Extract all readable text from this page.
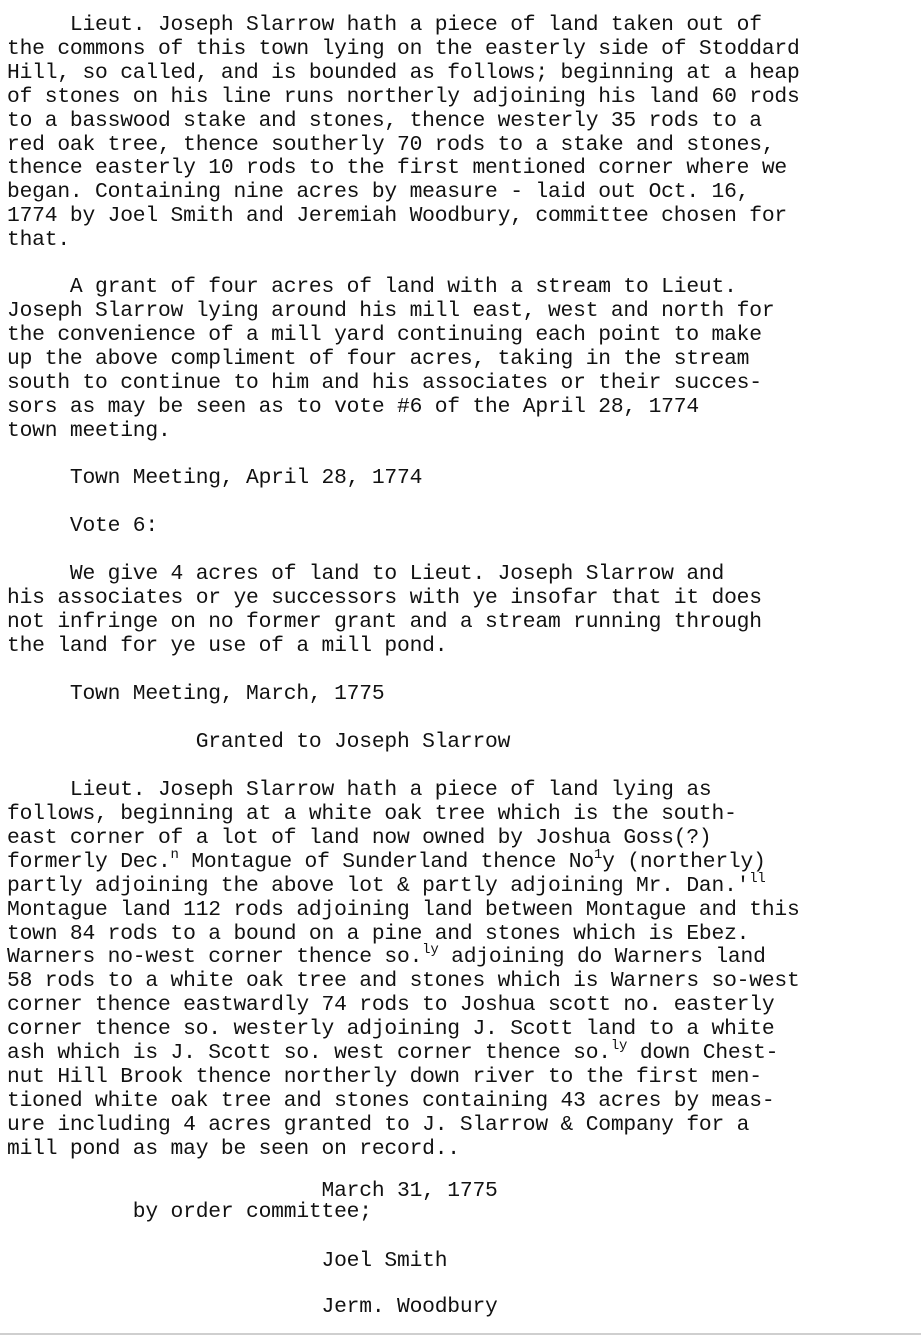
Lieut. Joseph Slarrow hath a piece of land taken out of
the commons of this town lying on the easterly side of Stoddard
Hill, so called, and is bounded as follows; beginning at a heap
of stones on his line runs northerly adjoining his land 60 rods
to a basswood stake and stones, thence westerly 35 rods to a
red oak tree, thence southerly 70 rods to a stake and stones,
thence easterly 10 rods to the first mentioned corner where we
began. Containing nine acres by measure - laid out Oct. 16,
1774 by Joel Smith and Jeremiah Woodbury, committee chosen for
that.
A grant of four acres of land with a stream to Lieut.
Joseph Slarrow lying around his mill east, west and north for
the convenience of a mill yard continuing each point to make
up the above compliment of four acres, taking in the stream
south to continue to him and his associates or their succes-
sors as may be seen as to vote #6 of the April 28, 1774
town meeting.
Town Meeting, April 28, 1774
Vote 6:
We give 4 acres of land to Lieut. Joseph Slarrow and
his associates or ye successors with ye insofar that it does
not infringe on no former grant and a stream running through
the land for ye use of a mill pond.
Town Meeting, March, 1775
Granted to Joseph Slarrow
Lieut. Joseph Slarrow hath a piece of land lying as
follows, beginning at a white oak tree which is the south-
east corner of a lot of land now owned by Joshua Goss(?)
formerly Dec.$^n$ Montague of Sunderland thence No$^1$y (northerly)
partly adjoining the above lot & partly adjoining Mr. $Dan.'^{ll}$
Montague land 112 rods adjoining land between Montague and this
town 84 rods to a bound on a pine and stones which is Ebez.
Warners no-west corner thence so.$^{ly}$ adjoining do Warners land
58 rods to a white oak tree and stones which is Warners so-west
corner thence eastwardly 74 rods to Joshua scott no. easterly
corner thence so. westerly adjoining J. Scott land to a white
ash which is J. Scott so. west corner thence so.$^{ly}$ down Chest-
nut Hill Brook thence northerly down river to the first men-
tioned white oak tree and stones containing 43 acres by meas-
ure including 4 acres granted to J. Slarrow & Company for a
mill pond as may be seen on record..
March 31, 1775
by order committee;
Joel Smith
Jerm. Woodbury
